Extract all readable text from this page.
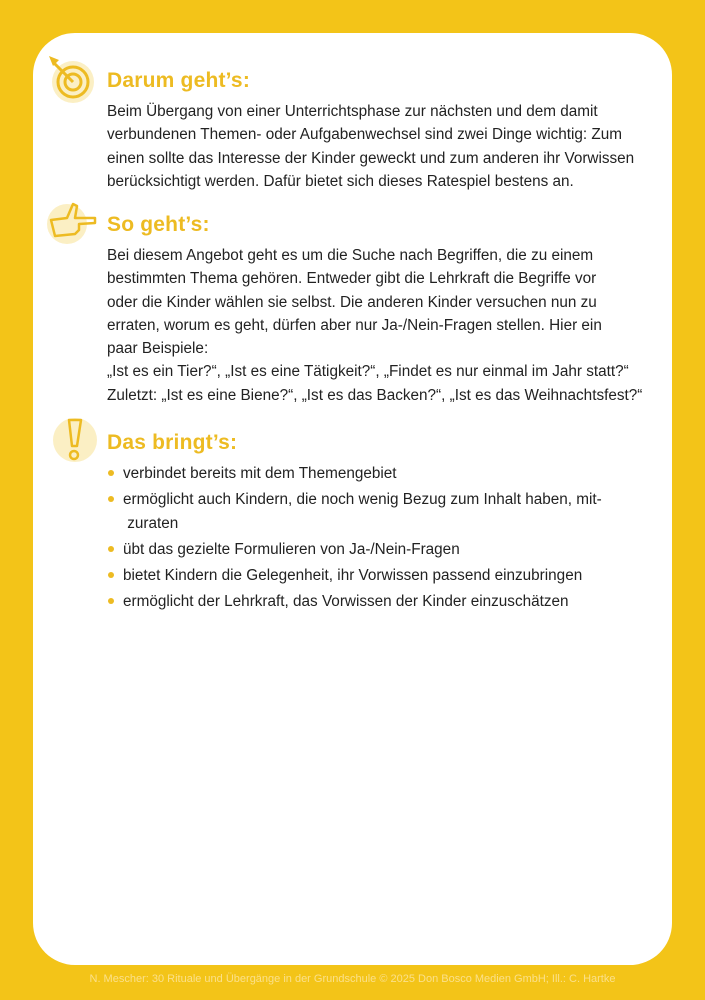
Darum geht’s:

Beim Übergang von einer Unterrichtsphase zur nächsten und dem damit
verbundenen Themen- oder Aufgabenwechsel sind zwei Dinge wichtig: Zum
einen sollte das Interesse der Kinder geweckt und zum anderen ihr Vorwissen
berücksichtigt werden. Dafür bietet sich dieses Ratespiel bestens an.

So geht’s:

Bei diesem Angebot geht es um die Suche nach Begriffen, die zu einem
bestimmten Thema gehören. Entweder gibt die Lehrkraft die Begriffe vor
oder die Kinder wählen sie selbst. Die anderen Kinder versuchen nun zu
erraten, worum es geht, dürfen aber nur Ja-/Nein-Fragen stellen. Hier ein
paar Beispiele:
„Ist es ein Tier?“, „Ist es eine Tätigkeit?“, „Findet es nur einmal im Jahr statt?“
Zuletzt: „Ist es eine Biene?“, „Ist es das Backen?“, „Ist es das Weihnachtsfest?“

Das bringt’s:
verbindet bereits mit dem Themengebiet
ermöglicht auch Kindern, die noch wenig Bezug zum Inhalt haben, mit- zuraten
übt das gezielte Formulieren von Ja-/Nein-Fragen
bietet Kindern die Gelegenheit, ihr Vorwissen passend einzubringen
ermöglicht der Lehrkraft, das Vorwissen der Kinder einzuschätzen
N. Mescher: 30 Rituale und Übergänge in der Grundschule © 2025 Don Bosco Medien GmbH; Ill.: C. Hartke
